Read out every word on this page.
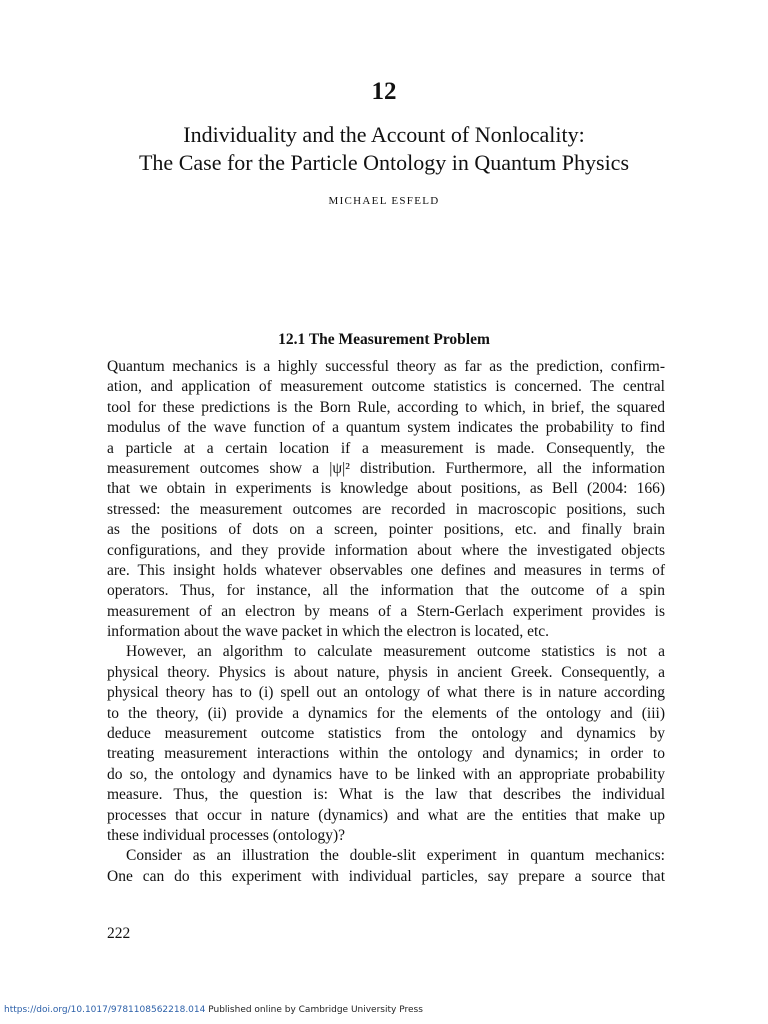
12
Individuality and the Account of Nonlocality:
The Case for the Particle Ontology in Quantum Physics
MICHAEL ESFELD
12.1 The Measurement Problem
Quantum mechanics is a highly successful theory as far as the prediction, confirm-
ation, and application of measurement outcome statistics is concerned. The central
tool for these predictions is the Born Rule, according to which, in brief, the squared
modulus of the wave function of a quantum system indicates the probability to find
a particle at a certain location if a measurement is made. Consequently, the
measurement outcomes show a |ψ|² distribution. Furthermore, all the information
that we obtain in experiments is knowledge about positions, as Bell (2004: 166)
stressed: the measurement outcomes are recorded in macroscopic positions, such
as the positions of dots on a screen, pointer positions, etc. and finally brain
configurations, and they provide information about where the investigated objects
are. This insight holds whatever observables one defines and measures in terms of
operators. Thus, for instance, all the information that the outcome of a spin
measurement of an electron by means of a Stern-Gerlach experiment provides is
information about the wave packet in which the electron is located, etc.
However, an algorithm to calculate measurement outcome statistics is not a
physical theory. Physics is about nature, physis in ancient Greek. Consequently, a
physical theory has to (i) spell out an ontology of what there is in nature according
to the theory, (ii) provide a dynamics for the elements of the ontology and (iii)
deduce measurement outcome statistics from the ontology and dynamics by
treating measurement interactions within the ontology and dynamics; in order to
do so, the ontology and dynamics have to be linked with an appropriate probability
measure. Thus, the question is: What is the law that describes the individual
processes that occur in nature (dynamics) and what are the entities that make up
these individual processes (ontology)?
Consider as an illustration the double-slit experiment in quantum mechanics:
One can do this experiment with individual particles, say prepare a source that
222
https://doi.org/10.1017/9781108562218.014 Published online by Cambridge University Press
